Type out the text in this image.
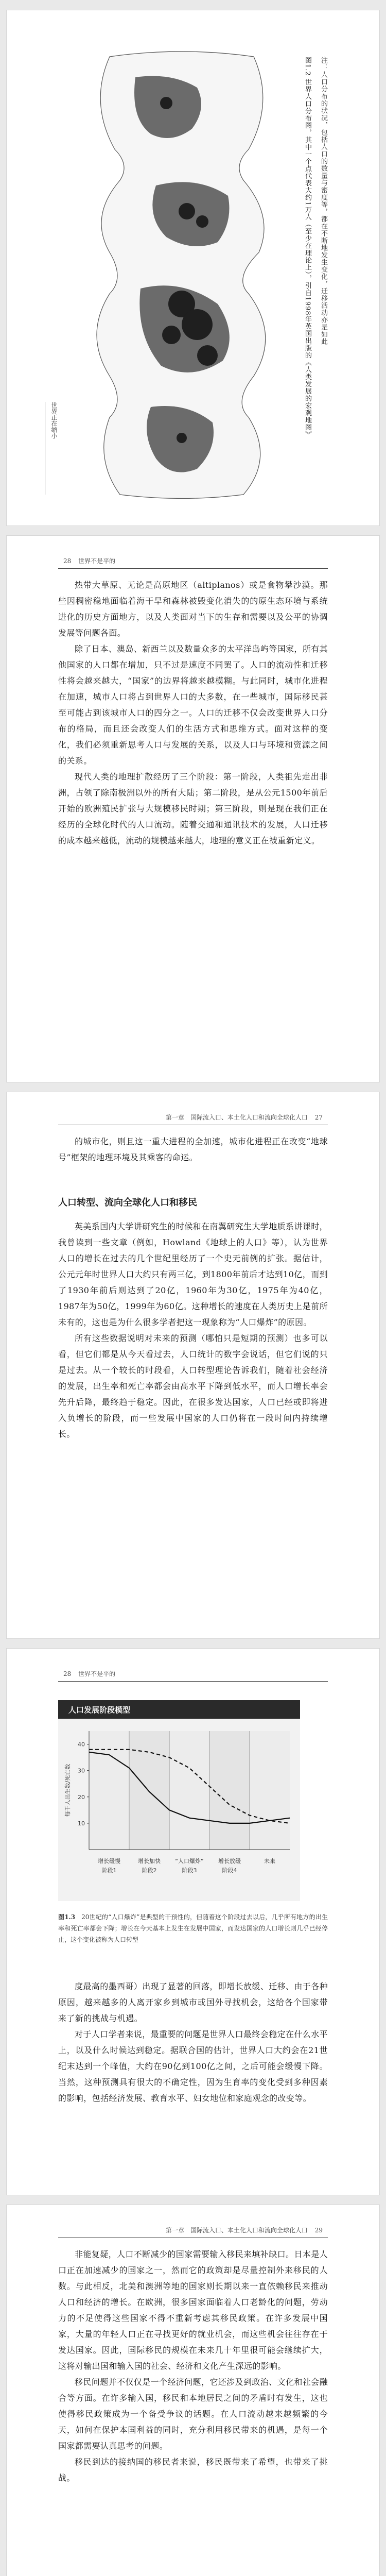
图1.2 世界人口分布图，其中一个点代表大约1万人（至少在理论上），引自1998年英国出版的《人类发展的宏观地图》	注：人口分布的状况，包括人口的数量与密度等，都在不断地发生变化，迁移活动亦是如此
世界正在缩小
28 世界不是平的

热带大草原、无论是高原地区（altiplanos）或是食物攀沙漠。那些因稠密稳地面临着海干旱和森林被毁变化消失的的原生态环境与系统进化的历史方面地方，以及人类面对当下的生存和需要以及公平的协调发展等问题各面。

除了日本、澳岛、新西兰以及数量众多的太平洋岛屿等国家，所有其他国家的人口都在增加，只不过是速度不同罢了。人口的流动性和迁移性将会越来越大，“国家”的边界将越来越模糊。与此同时，城市化进程在加速，城市人口将占到世界人口的大多数，在一些城市，国际移民甚至可能占到该城市人口的四分之一。人口的迁移不仅会改变世界人口分布的格局，而且还会改变人们的生活方式和思维方式。面对这样的变化，我们必须重新思考人口与发展的关系，以及人口与环境和资源之间的关系。

现代人类的地理扩散经历了三个阶段：第一阶段，人类祖先走出非洲，占领了除南极洲以外的所有大陆；第二阶段，是从公元1500年前后开始的欧洲殖民扩张与大规模移民时期；第三阶段，则是现在我们正在经历的全球化时代的人口流动。随着交通和通讯技术的发展，人口迁移的成本越来越低，流动的规模越来越大，地理的意义正在被重新定义。

第一章　国际流入口、本土化人口和流向全球化人口 27

的城市化，则且这一重大进程的全加速，城市化进程正在改变“地球号”框架的地理环境及其乘客的命运。

人口转型、流向全球化人口和移民

英美系国内大学讲研究生的时候和在南翼研究生大学地质系讲课时，我曾读到一些文章（例如，Howland《地球上的人口》等），认为世界人口的增长在过去的几个世纪里经历了一个史无前例的扩张。据估计，公元元年时世界人口大约只有两三亿，到1800年前后才达到10亿，而到了1930年前后则达到了20亿，1960年为30亿，1975年为40亿，1987年为50亿，1999年为60亿。这种增长的速度在人类历史上是前所未有的，这也是为什么很多学者把这一现象称为“人口爆炸”的原因。

所有这些数据说明对未来的预测（哪怕只是短期的预测）也多可以看，但它们都是从今天看过去，人口统计的数字会说话，但它们说的只是过去。从一个较长的时段看，人口转型理论告诉我们，随着社会经济的发展，出生率和死亡率都会由高水平下降到低水平，而人口增长率会先升后降，最终趋于稳定。因此，在很多发达国家，人口已经或即将进入负增长的阶段，而一些发展中国家的人口仍将在一段时间内持续增长。

28 世界不是平的
人口发展阶段模型
40
30
20
10
每千人出生数/死亡数
增长缓慢
阶段1
增长加快
阶段2
“人口爆炸”
阶段3
增长放缓
阶段4
未来
图1.3 20世纪的“人口爆炸”是典型的干预性的，但随着这个阶段过去以后，几乎所有地方的出生率和死亡率都会下降；增长在今天基本上发生在发展中国家，而发达国家的人口增长则几乎已经停止，这个变化被称为人口转型

度最高的墨西哥）出现了显著的回落，即增长放缓、迁移、由于各种原因，越来越多的人离开家乡到城市或国外寻找机会，这给各个国家带来了新的挑战与机遇。

对于人口学者来说，最重要的问题是世界人口最终会稳定在什么水平上，以及什么时候达到稳定。据联合国的估计，世界人口大约会在21世纪末达到一个峰值，大约在90亿到100亿之间，之后可能会缓慢下降。当然，这种预测具有很大的不确定性，因为生育率的变化受到多种因素的影响，包括经济发展、教育水平、妇女地位和家庭观念的改变等。

第一章　国际流入口、本土化人口和流向全球化人口 29

非能复疑，人口不断减少的国家需要输入移民来填补缺口。日本是人口正在加速减少的国家之一，然而它的政策却是尽量控制外来移民的人数。与此相反，北美和澳洲等地的国家则长期以来一直依赖移民来推动人口和经济的增长。在欧洲，很多国家面临着人口老龄化的问题，劳动力的不足使得这些国家不得不重新考虑其移民政策。在许多发展中国家，大量的年轻人口正在寻找更好的就业机会，而这些机会往往存在于发达国家。因此，国际移民的规模在未来几十年里很可能会继续扩大，这将对输出国和输入国的社会、经济和文化产生深远的影响。

移民问题并不仅仅是一个经济问题，它还涉及到政治、文化和社会融合等方面。在许多输入国，移民和本地居民之间的矛盾时有发生，这也使得移民政策成为一个备受争议的话题。在人口流动越来越频繁的今天，如何在保护本国利益的同时，充分利用移民带来的机遇，是每一个国家都需要认真思考的问题。

移民到达的接纳国的移民者来说，移民既带来了希望，也带来了挑战。
